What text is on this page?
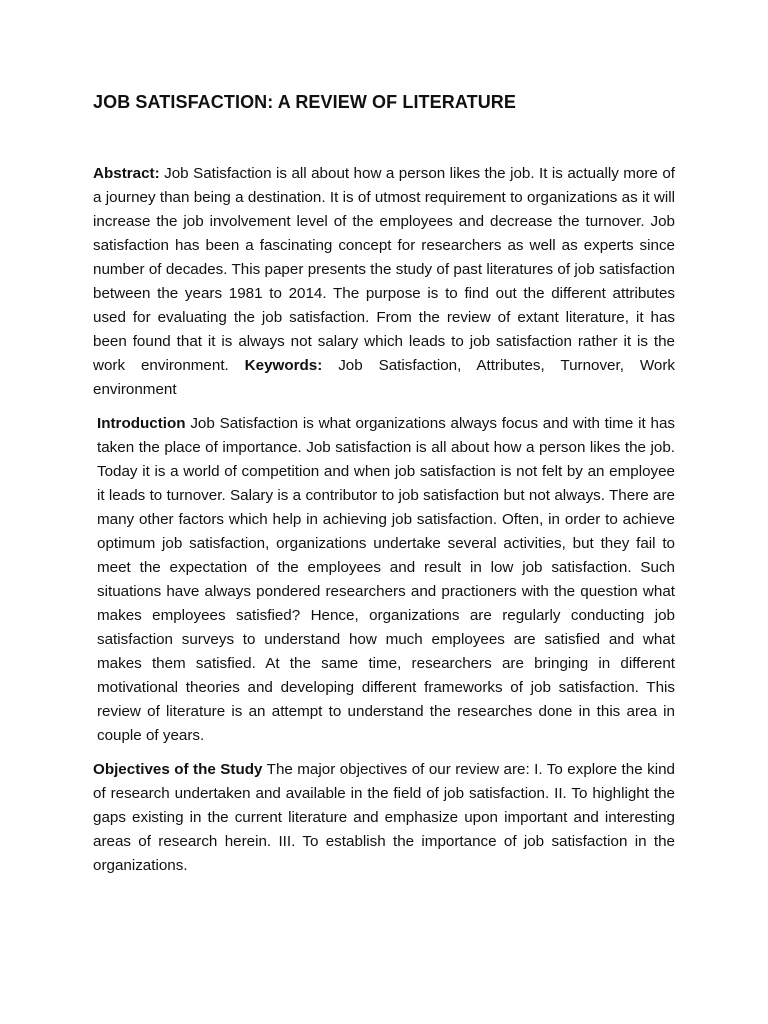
JOB SATISFACTION: A REVIEW OF LITERATURE

Abstract: Job Satisfaction is all about how a person likes the job. It is actually more of a journey than being a destination. It is of utmost requirement to organizations as it will increase the job involvement level of the employees and decrease the turnover. Job satisfaction has been a fascinating concept for researchers as well as experts since number of decades. This paper presents the study of past literatures of job satisfaction between the years 1981 to 2014. The purpose is to find out the different attributes used for evaluating the job satisfaction. From the review of extant literature, it has been found that it is always not salary which leads to job satisfaction rather it is the work environment. Keywords: Job Satisfaction, Attributes, Turnover, Work environment

Introduction Job Satisfaction is what organizations always focus and with time it has taken the place of importance. Job satisfaction is all about how a person likes the job. Today it is a world of competition and when job satisfaction is not felt by an employee it leads to turnover. Salary is a contributor to job satisfaction but not always. There are many other factors which help in achieving job satisfaction. Often, in order to achieve optimum job satisfaction, organizations undertake several activities, but they fail to meet the expectation of the employees and result in low job satisfaction. Such situations have always pondered researchers and practioners with the question what makes employees satisfied? Hence, organizations are regularly conducting job satisfaction surveys to understand how much employees are satisfied and what makes them satisfied. At the same time, researchers are bringing in different motivational theories and developing different frameworks of job satisfaction. This review of literature is an attempt to understand the researches done in this area in couple of years.

Objectives of the Study The major objectives of our review are: I. To explore the kind of research undertaken and available in the field of job satisfaction. II. To highlight the gaps existing in the current literature and emphasize upon important and interesting areas of research herein. III. To establish the importance of job satisfaction in the organizations.
